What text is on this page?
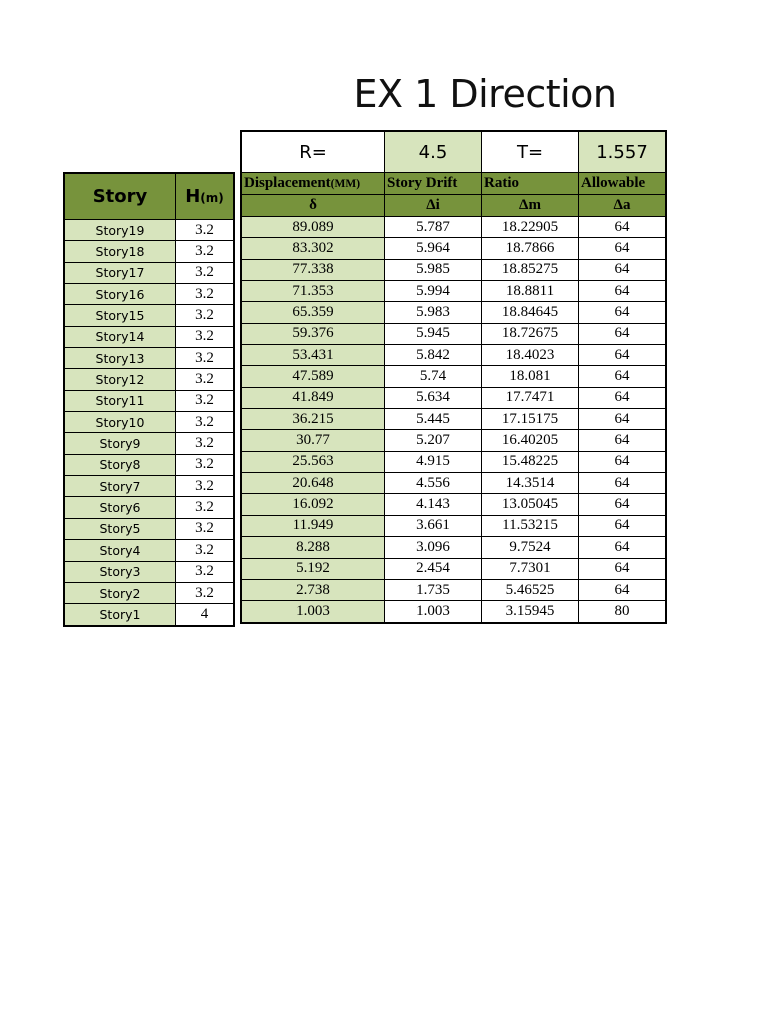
EX 1 Direction
Story	H(m)
Story19	3.2
Story18	3.2
Story17	3.2
Story16	3.2
Story15	3.2
Story14	3.2
Story13	3.2
Story12	3.2
Story11	3.2
Story10	3.2
Story9	3.2
Story8	3.2
Story7	3.2
Story6	3.2
Story5	3.2
Story4	3.2
Story3	3.2
Story2	3.2
Story1	4
R=	4.5	T=	1.557
Displacement(MM)	Story Drift	Ratio	Allowable
δ	Δi	Δm	Δa
89.089	5.787	18.22905	64
83.302	5.964	18.7866	64
77.338	5.985	18.85275	64
71.353	5.994	18.8811	64
65.359	5.983	18.84645	64
59.376	5.945	18.72675	64
53.431	5.842	18.4023	64
47.589	5.74	18.081	64
41.849	5.634	17.7471	64
36.215	5.445	17.15175	64
30.77	5.207	16.40205	64
25.563	4.915	15.48225	64
20.648	4.556	14.3514	64
16.092	4.143	13.05045	64
11.949	3.661	11.53215	64
8.288	3.096	9.7524	64
5.192	2.454	7.7301	64
2.738	1.735	5.46525	64
1.003	1.003	3.15945	80
